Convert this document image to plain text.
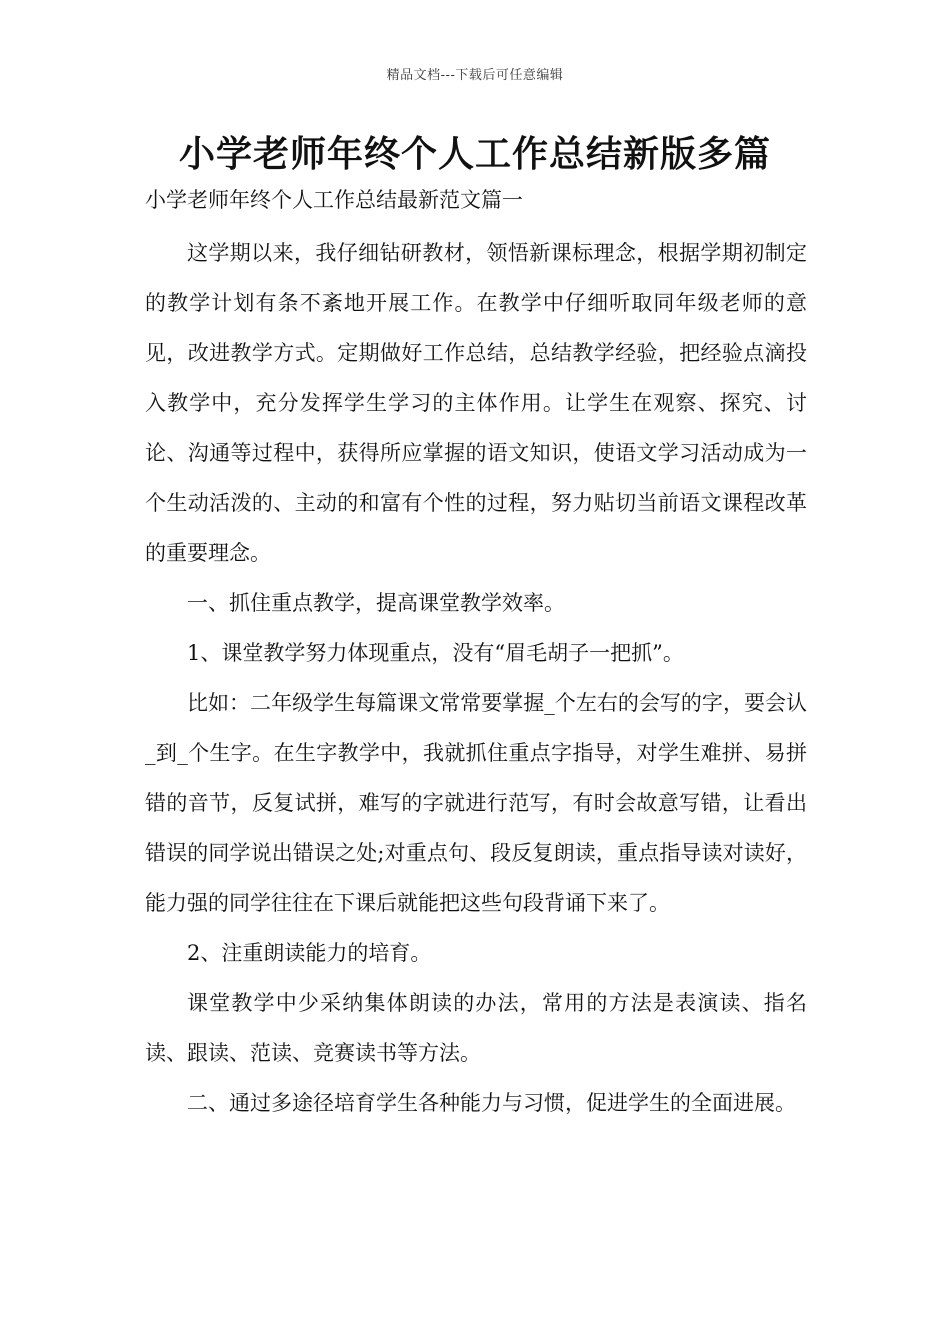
精品文档---下载后可任意编辑
小学老师年终个人工作总结新版多篇

小学老师年终个人工作总结最新范文篇一

这学期以来，我仔细钻研教材，领悟新课标理念，根据学期初制定的教学计划有条不紊地开展工作。在教学中仔细听取同年级老师的意见，改进教学方式。定期做好工作总结，总结教学经验，把经验点滴投入教学中，充分发挥学生学习的主体作用。让学生在观察、探究、讨论、沟通等过程中，获得所应掌握的语文知识，使语文学习活动成为一个生动活泼的、主动的和富有个性的过程，努力贴切当前语文课程改革的重要理念。

一、抓住重点教学，提高课堂教学效率。

1、课堂教学努力体现重点，没有“眉毛胡子一把抓”。

比如：二年级学生每篇课文常常要掌握_个左右的会写的字，要会认_到_个生字。在生字教学中，我就抓住重点字指导，对学生难拼、易拼错的音节，反复试拼，难写的字就进行范写，有时会故意写错，让看出错误的同学说出错误之处;对重点句、段反复朗读，重点指导读对读好，能力强的同学往往在下课后就能把这些句段背诵下来了。

2、注重朗读能力的培育。

课堂教学中少采纳集体朗读的办法，常用的方法是表演读、指名读、跟读、范读、竞赛读书等方法。

二、通过多途径培育学生各种能力与习惯，促进学生的全面进展。
